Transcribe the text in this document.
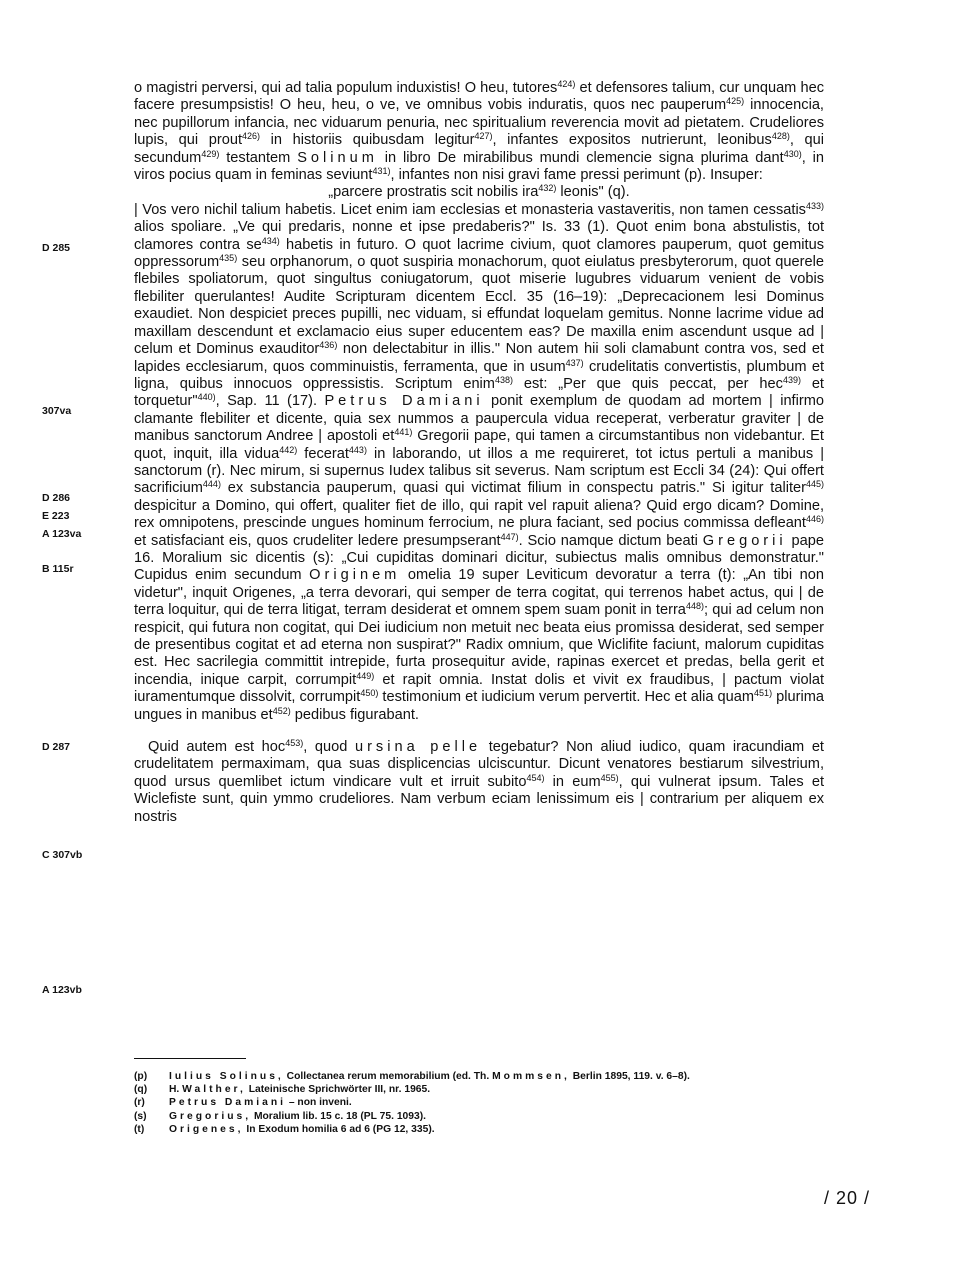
D 285
307va
D 286
E 223
A 123va
B 115r
D 287
C 307vb
A 123vb

o magistri perversi, qui ad talia populum induxistis! O heu, tutores$^{424)}$ et defensores talium, cur unquam hec facere presumpsistis! O heu, heu, o ve, ve omnibus vobis induratis, quos nec pauperum$^{425)}$ innocencia, nec pupillorum infancia, nec viduarum penuria, nec spiritualium reverencia movit ad pietatem. Crudeliores lupis, qui prout$^{426)}$ in historiis quibusdam legitur$^{427)}$, infantes expositos nutrierunt, leonibus$^{428)}$, qui secundum$^{429)}$ testantem Solinum in libro De mirabilibus mundi clemencie signa plurima dant$^{430)}$, in viros pocius quam in feminas seviunt$^{431)}$, infantes non nisi gravi fame pressi perimunt (p). Insuper:

„parcere prostratis scit nobilis ira$^{432)}$ leonis" (q).

| Vos vero nichil talium habetis. Licet enim iam ecclesias et monasteria vastaveritis, non tamen cessatis$^{433)}$ alios spoliare. „Ve qui predaris, nonne et ipse predaberis?" Is. 33 (1). Quot enim bona abstulistis, tot clamores contra $se^{434)}$ habetis in futuro. O quot lacrime civium, quot clamores pauperum, quot gemitus oppressorum$^{435)}$ seu orphanorum, o quot suspiria monachorum, quot eiulatus presbyterorum, quot querele flebiles spoliatorum, quot singultus coniugatorum, quot miserie lugubres viduarum venient de vobis flebiliter querulantes! Audite Scripturam dicentem Eccl. 35 (16–19): „Deprecacionem lesi Dominus exaudiet. Non despiciet preces pupilli, nec viduam, si effundat loquelam gemitus. Nonne lacrime vidue ad maxillam descendunt et exclamacio eius super educentem eas? De maxilla enim ascendunt usque ad | celum et Dominus exauditor$^{436)}$ non delectabitur in illis." Non autem hii soli clamabunt contra vos, sed et lapides ecclesiarum, quos comminuistis, ferramenta, que in usum$^{437)}$ crudelitatis convertistis, plumbum et ligna, quibus innocuos oppressistis. Scriptum enim$^{438)}$ est: „Per que quis peccat, per hec$^{439)}$ et torquetur"$^{440)}$, Sap. 11 (17). Petrus Damiani ponit exemplum de quodam ad mortem | infirmo clamante flebiliter et dicente, quia sex nummos a paupercula vidua receperat, verberatur graviter | de manibus sanctorum Andree | apostoli $et^{441)}$ Gregorii pape, qui tamen a circumstantibus non videbantur. Et quot, inquit, illa vidua$^{442)}$ fecerat$^{443)}$ in laborando, ut illos a me requireret, tot ictus pertuli a manibus | sanctorum (r). Nec mirum, si supernus Iudex talibus sit severus. Nam scriptum est Eccli 34 (24): Qui offert sacrificium$^{444)}$ ex substancia pauperum, quasi qui victimat filium in conspectu patris." Si igitur taliter$^{445)}$ despicitur a Domino, qui offert, qualiter fiet de illo, qui rapit vel rapuit aliena? Quid ergo dicam? Domine, rex omnipotens, prescinde ungues hominum ferrocium, ne plura faciant, sed pocius commissa defleant$^{446)}$ et satisfaciant eis, quos crudeliter ledere presumpserant$^{447)}$. Scio namque dictum beati Gregorii pape 16. Moralium sic dicentis (s): „Cui cupiditas dominari dicitur, subiectus malis omnibus demonstratur." Cupidus enim secundum Originem omelia 19 super Leviticum devoratur a terra (t): „An tibi non videtur", inquit Origenes, „a terra devorari, qui semper de terra cogitat, qui terrenos habet actus, qui | de terra loquitur, qui de terra litigat, terram desiderat et omnem spem suam ponit in terra$^{448)}$; qui ad celum non respicit, qui futura non cogitat, qui Dei iudicium non metuit nec beata eius promissa desiderat, sed semper de presentibus cogitat et ad eterna non suspirat?" Radix omnium, que Wiclifite faciunt, malorum cupiditas est. Hec sacrilegia committit intrepide, furta prosequitur avide, rapinas exercet et predas, bella gerit et incendia, inique carpit, corrumpit$^{449)}$ et rapit omnia. Instat dolis et vivit ex fraudibus, | pactum violat iuramentumque dissolvit, corrumpit$^{450)}$ testimonium et iudicium verum pervertit. Hec et alia quam$^{451)}$ plurima ungues in manibus $et^{452)}$ pedibus figurabant.

Quid autem est hoc$^{453)}$, quod ursina pelle tegebatur? Non aliud iudico, quam iracundiam et crudelitatem permaximam, qua suas displicencias ulciscuntur. Dicunt venatores bestiarum silvestrium, quod ursus quemlibet ictum vindicare vult et irruit subito$^{454)}$ in eum$^{455)}$, qui vulnerat ipsum. Tales et Wiclefiste sunt, quin ymmo crudeliores. Nam verbum eciam lenissimum eis | contrarium per aliquem ex nostris

(p)	Iulius Solinus, Collectanea rerum memorabilium (ed. Th. Mommsen, Berlin 1895, 119. v. 6–8).
(q)	H. Walther, Lateinische Sprichwörter III, nr. 1965.
(r)	Petrus Damiani – non inveni.
(s)	Gregorius, Moralium lib. 15 c. 18 (PL 75. 1093).
(t)	Origenes, In Exodum homilia 6 ad 6 (PG 12, 335).
/ 20 /
